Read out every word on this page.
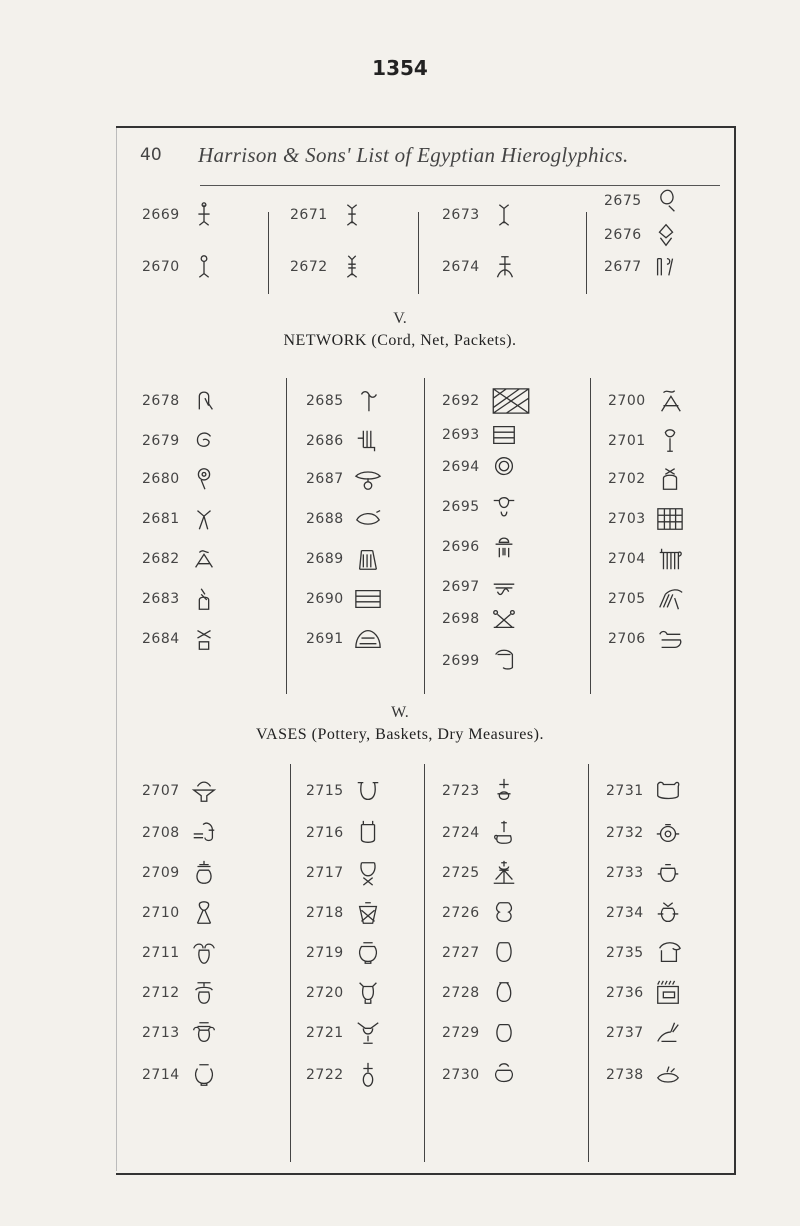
1354
40 Harrison & Sons' List of Egyptian Hieroglyphics.
2669
2670
2671
2672
2673
2674
2675
2676
2677
V.
NETWORK (Cord, Net, Packets).
2678
2679
2680
2681
2682
2683
2684
2685
2686
2687
2688
2689
2690
2691
2692
2693
2694
2695
2696
2697
2698
2699
2700
2701
2702
2703
2704
2705
2706
W.
VASES (Pottery, Baskets, Dry Measures).
2707
2708
2709
2710
2711
2712
2713
2714
2715
2716
2717
2718
2719
2720
2721
2722
2723
2724
2725
2726
2727
2728
2729
2730
2731
2732
2733
2734
2735
2736
2737
2738
